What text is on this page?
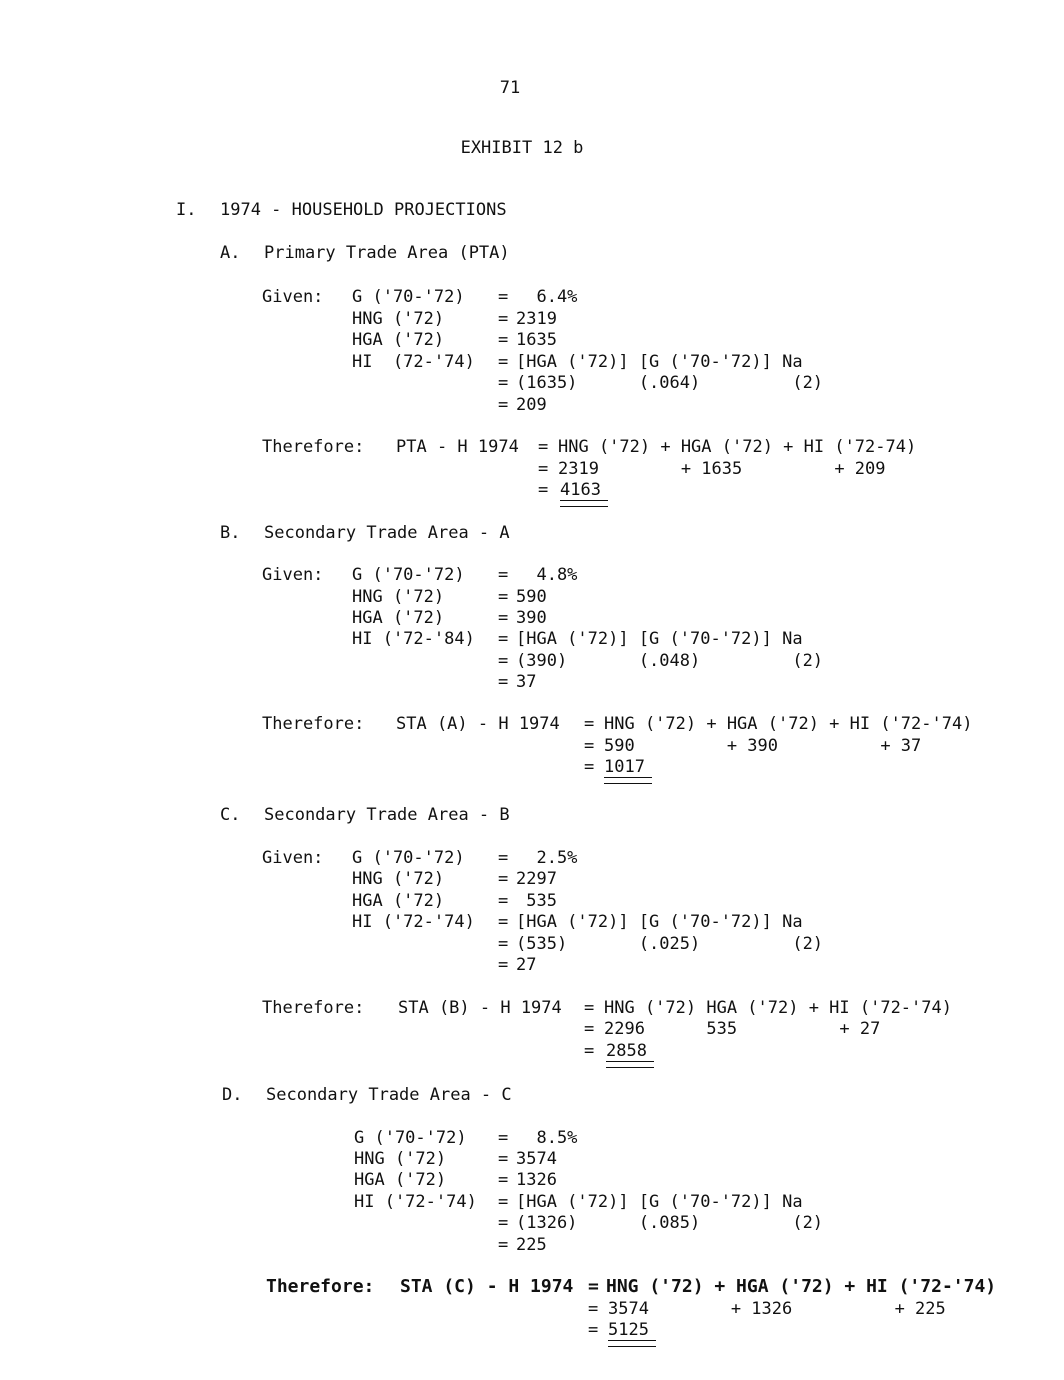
71
EXHIBIT 12 b
I. 1974 - HOUSEHOLD PROJECTIONS
A. Primary Trade Area (PTA)
Given: G ('70-'72) = 6.4%
HNG ('72)	= 2319
HGA ('72)	= 1635
HI  (72-'74) = [HGA ('72)] [G ('70-'72)] Na
= (1635)      (.064)         (2)
= 209
Therefore: PTA - H 1974 = HNG ('72) + HGA ('72) + HI ('72-74)
= 2319        + 1635         + 209
= 4163
B. Secondary Trade Area - A
Given: G ('70-'72) = 4.8%
HNG ('72)	= 590
HGA ('72)	= 390
HI ('72-'84) = [HGA ('72)] [G ('70-'72)] Na
= (390)       (.048)         (2)
= 37
Therefore: STA (A) - H 1974 = HNG ('72) + HGA ('72) + HI ('72-'74)
= 590         + 390          + 37
= 1017
C. Secondary Trade Area - B
Given: G ('70-'72) = 2.5%
HNG ('72)	= 2297
HGA ('72)	= 535
HI ('72-'74) = [HGA ('72)] [G ('70-'72)] Na
= (535)       (.025)         (2)
= 27
Therefore: STA (B) - H 1974 = HNG ('72) HGA ('72) + HI ('72-'74)
= 2296      535          + 27
= 2858
D. Secondary Trade Area - C
G ('70-'72) = 8.5%
HNG ('72)	= 3574
HGA ('72)	= 1326
HI ('72-'74) = [HGA ('72)] [G ('70-'72)] Na
= (1326)      (.085)         (2)
= 225
Therefore: STA (C) - H 1974 = HNG ('72) + HGA ('72) + HI ('72-'74)
= 3574        + 1326          + 225
= 5125
